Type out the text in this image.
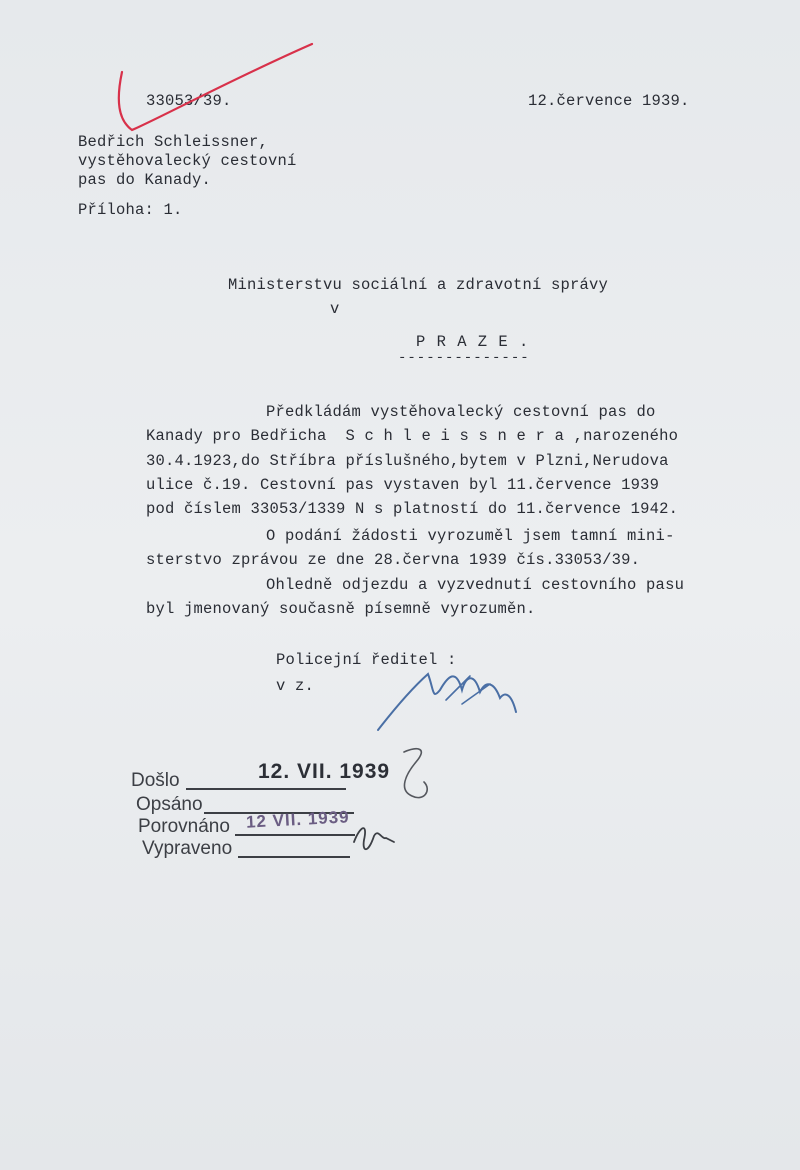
33053/39.	12.července 1939.
Bedřich Schleissner,
vystěhovalecký cestovní
pas do Kanady.
Příloha: 1.
Ministerstvu sociální a zdravotní správy
v
P R A Z E .
--------------
Předkládám vystěhovalecký cestovní pas do
Kanady pro Bedřicha  S c h l e i s s n e r a ,narozeného
30.4.1923,do Stříbra příslušného,bytem v Plzni,Nerudova
ulice č.19. Cestovní pas vystaven byl 11.července 1939
pod číslem 33053/1339 N s platností do 11.července 1942.
O podání žádosti vyrozuměl jsem tamní mini-
sterstvo zprávou ze dne 28.června 1939 čís.33053/39.
Ohledně odjezdu a vyzvednutí cestovního pasu
byl jmenovaný současně písemně vyrozuměn.
Policejní ředitel :
v z.
Došlo
Opsáno
Porovnáno
Vypraveno
12. VII. 1939
12 VII. 1939
